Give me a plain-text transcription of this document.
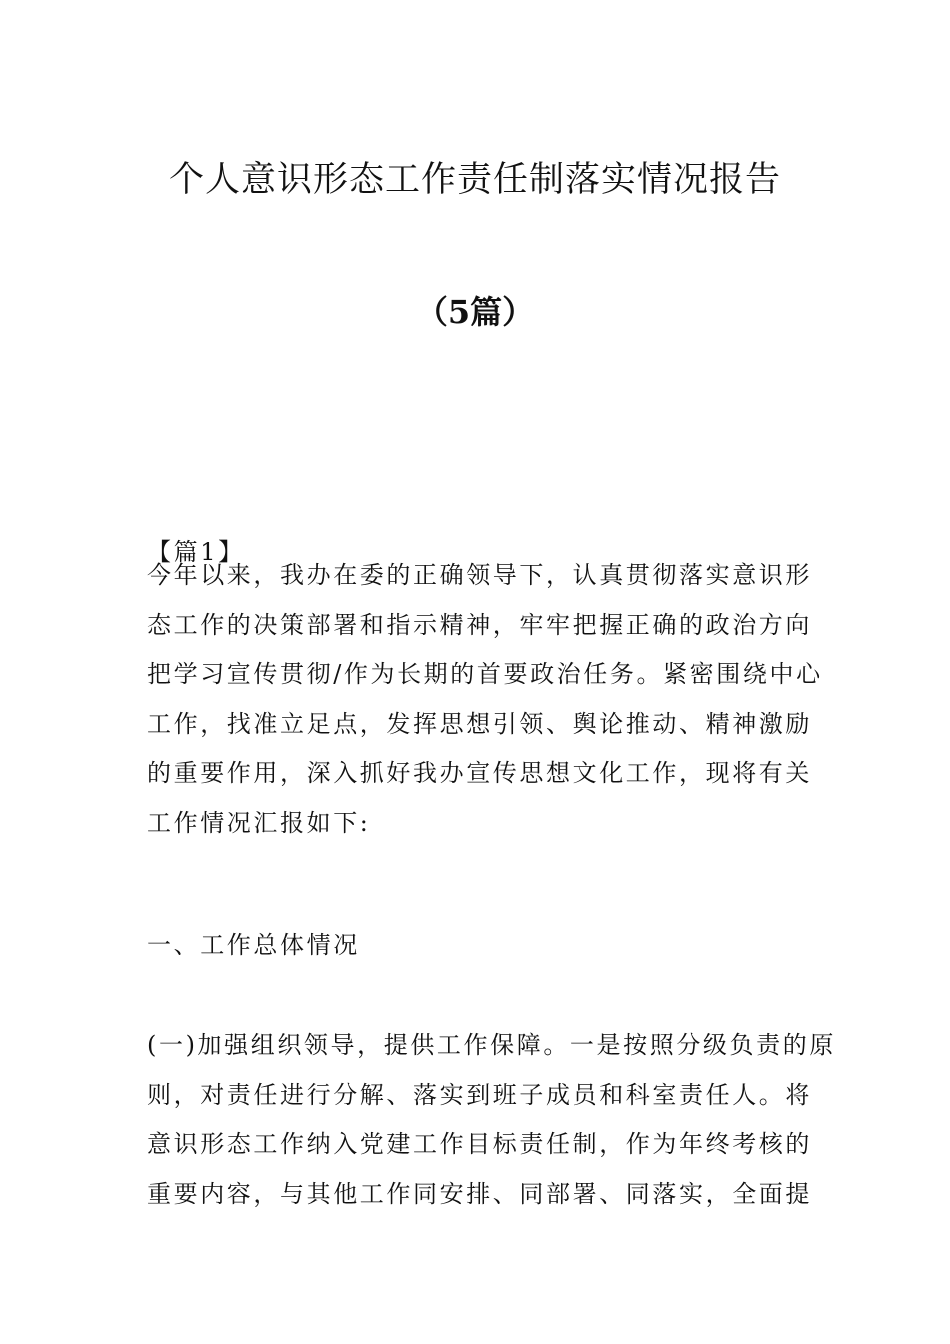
个人意识形态工作责任制落实情况报告
（5篇）

【篇1】

今年以来，我办在委的正确领导下，认真贯彻落实意识形
态工作的决策部署和指示精神，牢牢把握正确的政治方向
把学习宣传贯彻/作为长期的首要政治任务。紧密围绕中心
工作，找准立足点，发挥思想引领、舆论推动、精神激励
的重要作用，深入抓好我办宣传思想文化工作，现将有关
工作情况汇报如下:

一、工作总体情况

(一)加强组织领导，提供工作保障。一是按照分级负责的原
则，对责任进行分解、落实到班子成员和科室责任人。将
意识形态工作纳入党建工作目标责任制，作为年终考核的
重要内容，与其他工作同安排、同部署、同落实，全面提
